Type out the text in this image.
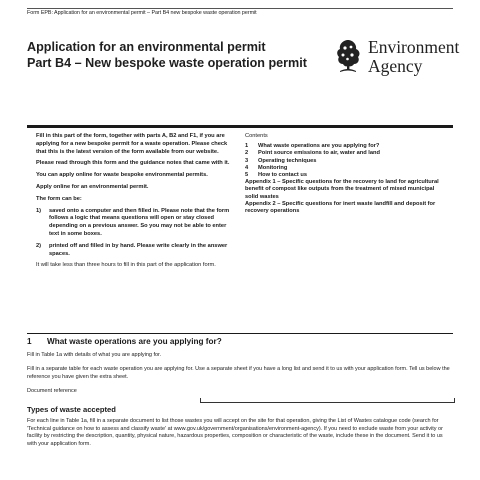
Form EPB: Application for an environmental permit – Part B4 new bespoke waste operation permit
Application for an environmental permit
Part B4 – New bespoke waste operation permit
Environment
Agency

Fill in this part of the form, together with parts A, B2 and F1, if you are applying for a new bespoke permit for a waste operation. Please check that this is the latest version of the form available from our website.

Please read through this form and the guidance notes that came with it.

You can apply online for waste bespoke environmental permits.

Apply online for an environmental permit.

The form can be:

1)	saved onto a computer and then filled in. Please note that the form follows a logic that means questions will open or stay closed depending on a previous answer. So you may not be able to enter text in some boxes.
2)	printed off and filled in by hand. Please write clearly in the answer spaces.

It will take less than three hours to fill in this part of the application form.

Contents

1	What waste operations are you applying for?
2	Point source emissions to air, water and land
3	Operating techniques
4	Monitoring
5	How to contact us
Appendix 1 – Specific questions for the recovery to land for agricultural benefit of compost like outputs from the treatment of mixed municipal solid wastes
Appendix 2 – Specific questions for inert waste landfill and deposit for recovery operations
1 What waste operations are you applying for?
Fill in Table 1a with details of what you are applying for.
Fill in a separate table for each waste operation you are applying for. Use a separate sheet if you have a long list and send it to us with your application form. Tell us below the reference you have given the extra sheet.
Document reference
Types of waste accepted
For each line in Table 1a, fill in a separate document to list those wastes you will accept on the site for that operation, giving the List of Wastes catalogue code (search for 'Technical guidance on how to assess and classify waste' at www.gov.uk/government/organisations/environment-agency). If you need to exclude waste from your activity or facility by restricting the description, quantity, physical nature, hazardous properties, composition or characteristic of the waste, include these in the document. Send it to us with your application form.
